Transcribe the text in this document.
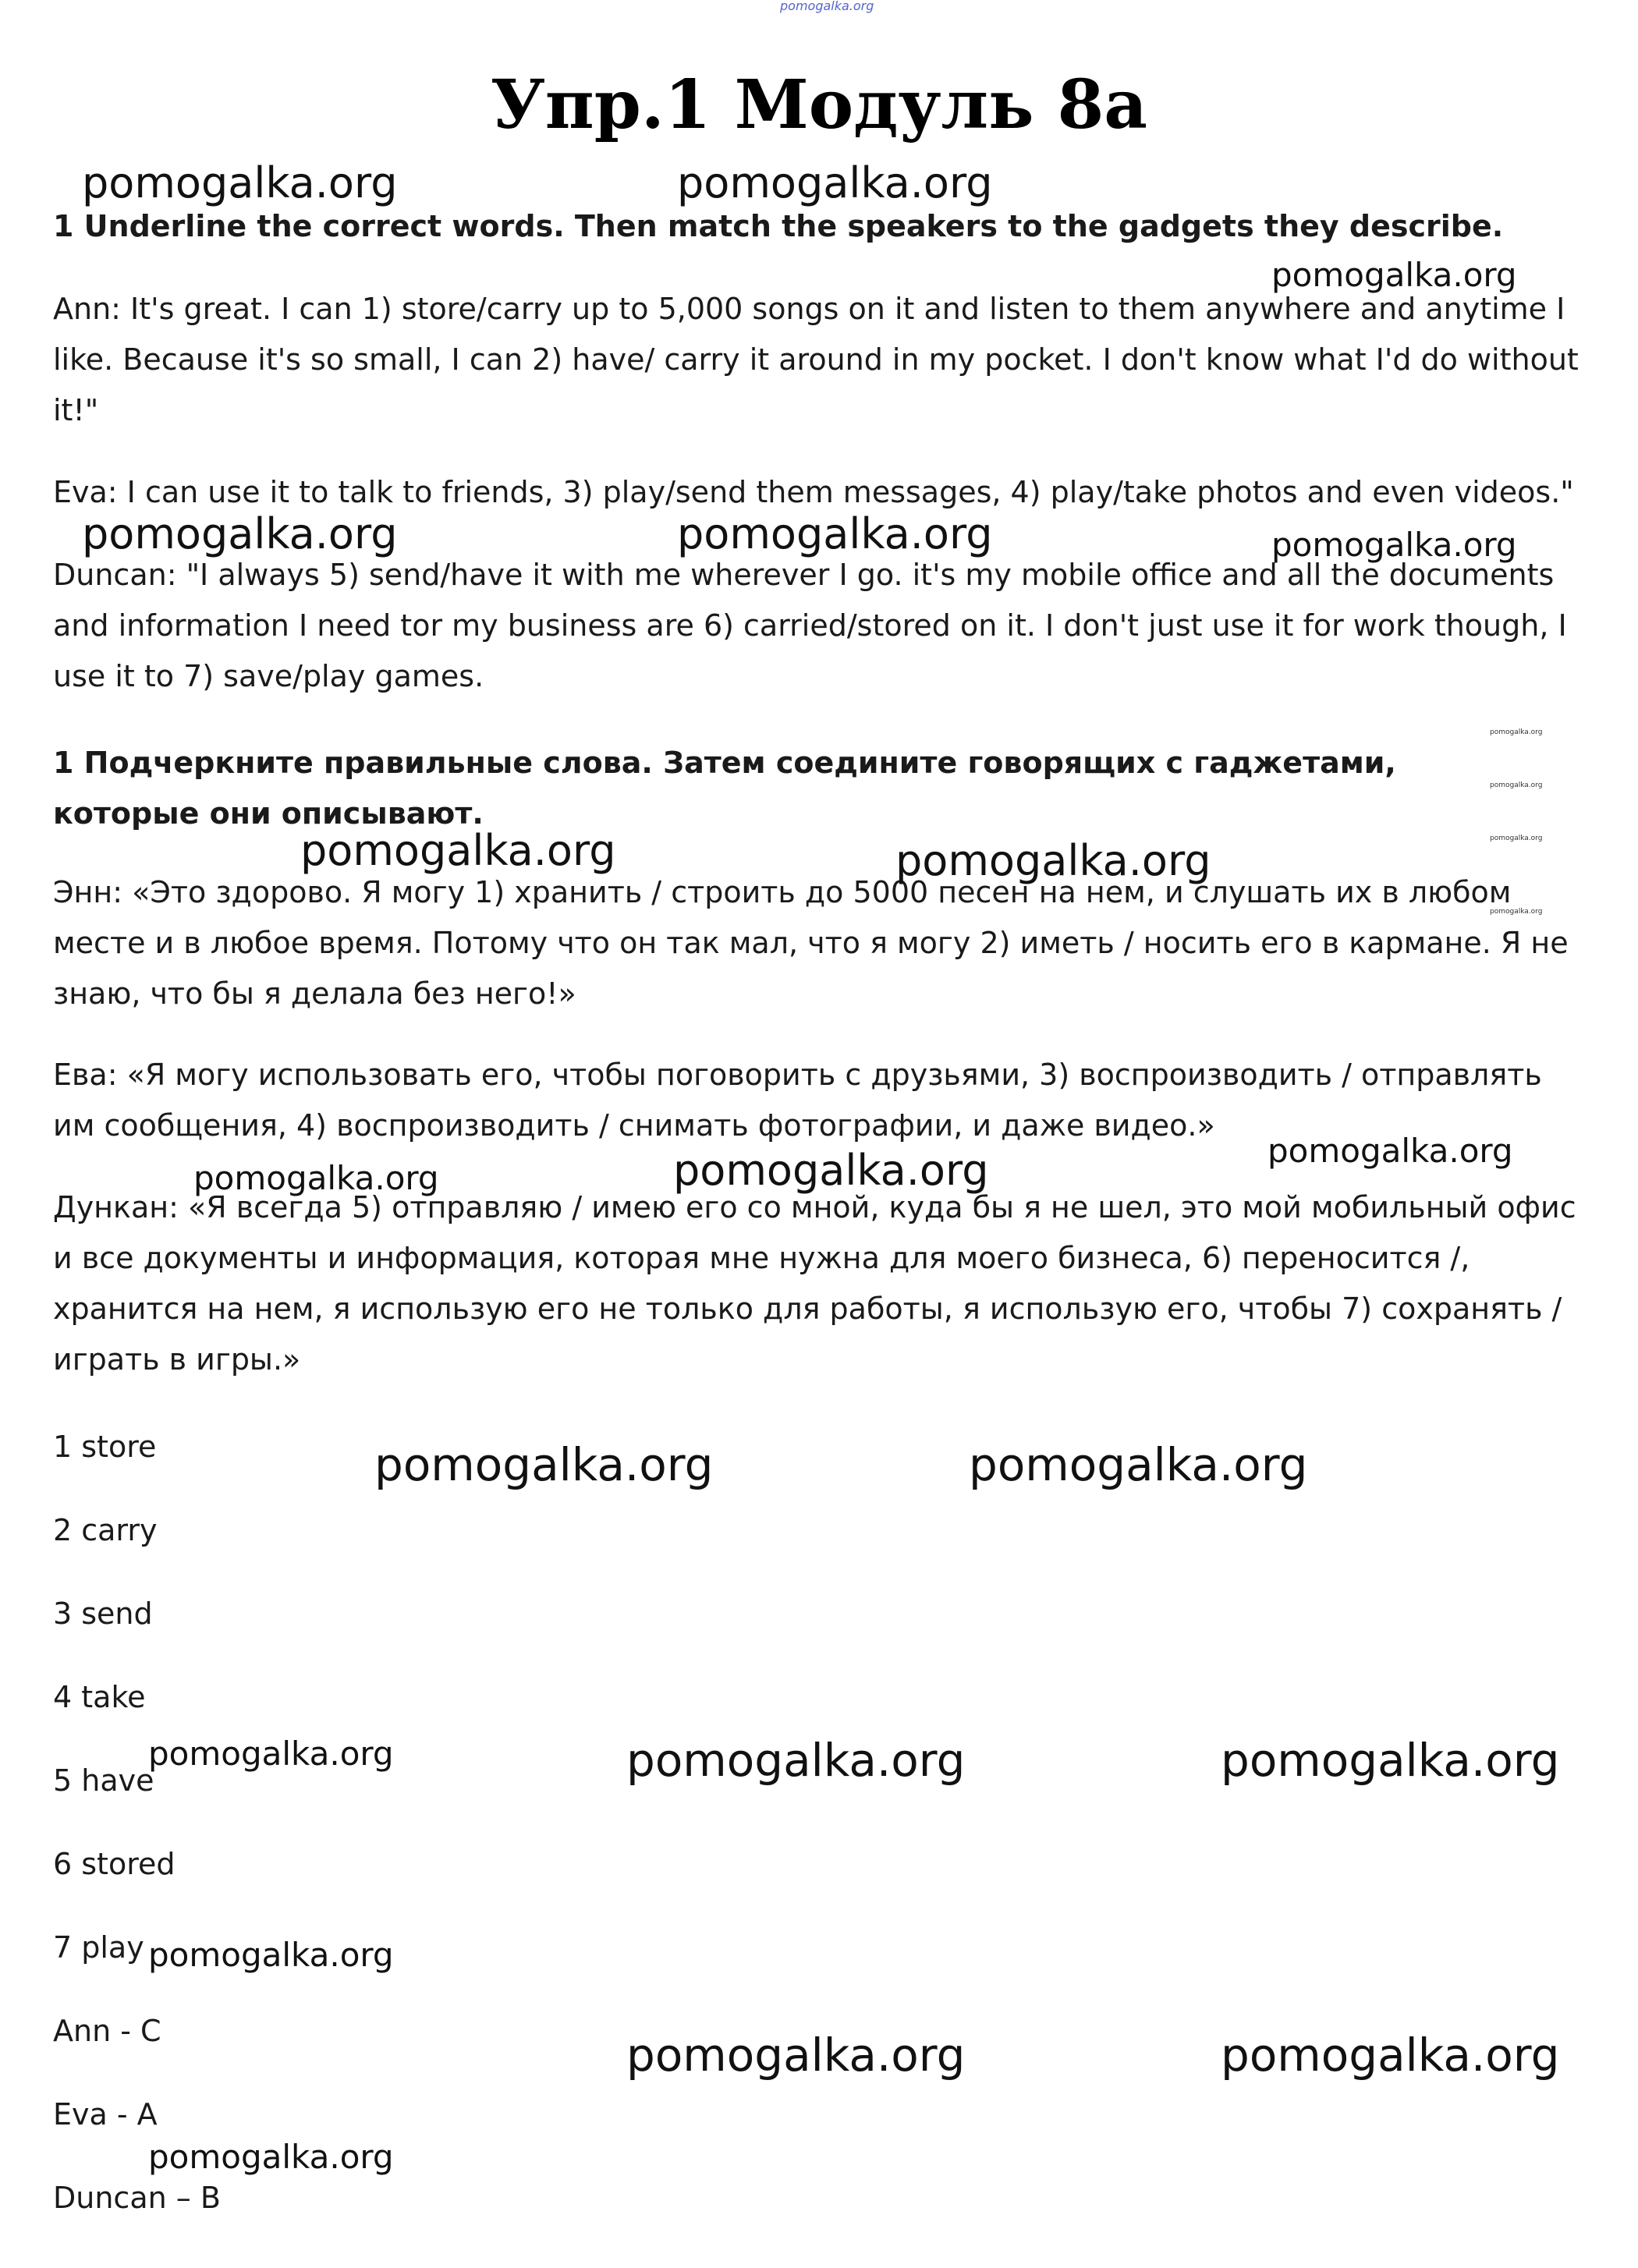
pomogalka.org
Упр.1 Модуль 8а
1 Underline the correct words. Then match the speakers to the gadgets they describe.
Ann: It's great. I can 1) store/carry up to 5,000 songs on it and listen to them anywhere and anytime I like. Because it's so small, I can 2) have/ carry it around in my pocket. I don't know what I'd do without it!"
Eva: I can use it to talk to friends, 3) play/send them messages, 4) play/take photos and even videos."
Duncan: "I always 5) send/have it with me wherever I go. it's my mobile office and all the documents and information I need tor my business are 6) carried/stored on it. I don't just use it for work though, I use it to 7) save/play games.
1 Подчеркните правильные слова. Затем соедините говорящих с гаджетами, которые они описывают.
Энн: «Это здорово. Я могу 1) хранить / строить до 5000 песен на нем, и слушать их в любом месте и в любое время. Потому что он так мал, что я могу 2) иметь / носить его в кармане. Я не знаю, что бы я делала без него!»
Ева: «Я могу использовать его, чтобы поговорить с друзьями, 3) воспроизводить / отправлять им сообщения, 4) воспроизводить / снимать фотографии, и даже видео.»
Дункан: «Я всегда 5) отправляю / имею его со мной, куда бы я не шел, это мой мобильный офис и все документы и информация, которая мне нужна для моего бизнеса, 6) переносится /, хранится на нем, я использую его не только для работы, я использую его, чтобы 7) сохранять / играть в игры.»
1 store
2 carry
3 send
4 take
5 have
6 stored
7 play
Ann - C
Eva - A
Duncan – B
pomogalka.org	pomogalka.org
pomogalka.org
pomogalka.org	pomogalka.org	pomogalka.org
pomogalka.org
pomogalka.org
pomogalka.org
pomogalka.org
pomogalka.org	pomogalka.org
pomogalka.org	pomogalka.org	pomogalka.org
pomogalka.org	pomogalka.org
pomogalka.org	pomogalka.org	pomogalka.org
pomogalka.org
pomogalka.org	pomogalka.org
pomogalka.org
